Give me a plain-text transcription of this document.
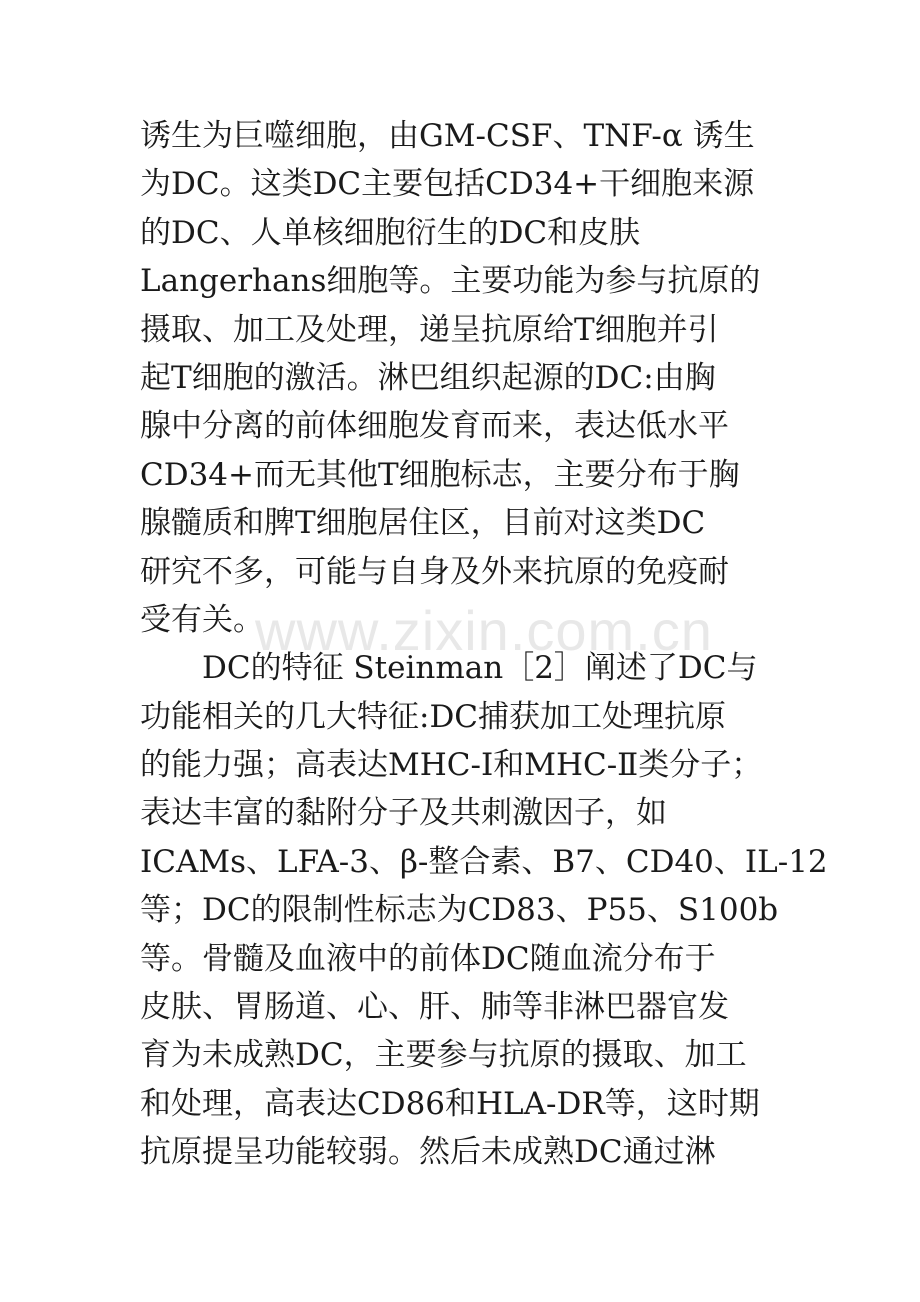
诱生为巨噬细胞，由GM-CSF、TNF-α 诱生
为DC。这类DC主要包括CD34+干细胞来源
的DC、人单核细胞衍生的DC和皮肤
Langerhans细胞等。主要功能为参与抗原的
摄取、加工及处理，递呈抗原给T细胞并引
起T细胞的激活。淋巴组织起源的DC:由胸
腺中分离的前体细胞发育而来，表达低水平
CD34+而无其他T细胞标志，主要分布于胸
腺髓质和脾T细胞居住区，目前对这类DC
研究不多，可能与自身及外来抗原的免疫耐
受有关。
　　DC的特征 Steinman［2］阐述了DC与
功能相关的几大特征:DC捕获加工处理抗原
的能力强；高表达MHC-Ⅰ和MHC-Ⅱ类分子；
表达丰富的黏附分子及共刺激因子，如
ICAMs、LFA-3、β-整合素、B7、CD40、IL-12
等；DC的限制性标志为CD83、P55、S100b
等。骨髓及血液中的前体DC随血流分布于
皮肤、胃肠道、心、肝、肺等非淋巴器官发
育为未成熟DC，主要参与抗原的摄取、加工
和处理，高表达CD86和HLA-DR等，这时期
抗原提呈功能较弱。然后未成熟DC通过淋
www.zixin.com.cn
